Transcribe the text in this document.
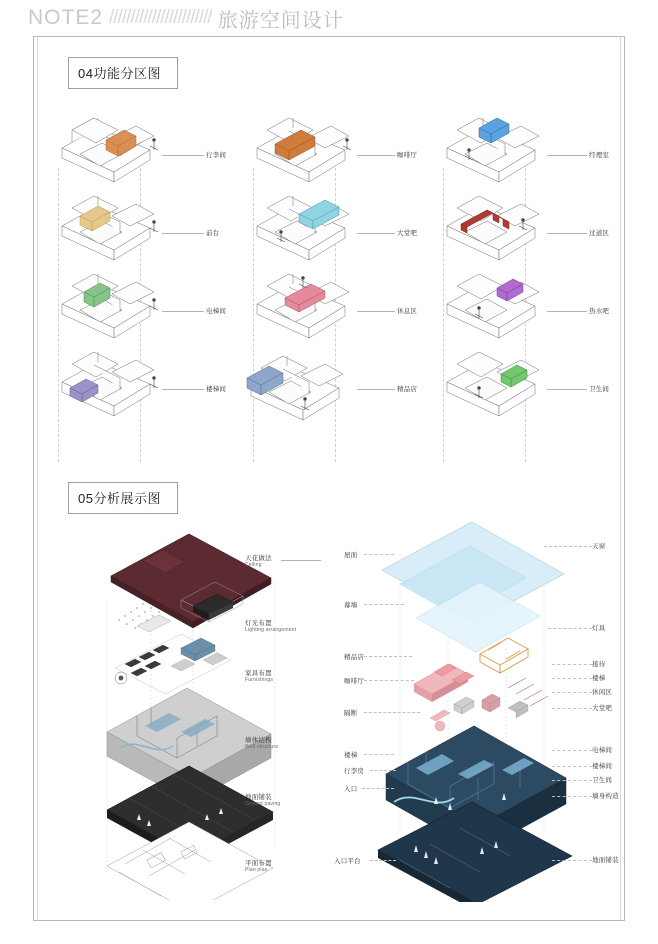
NOTE2 //////////////////////// 旅游空间设计
04功能分区图
行李间
前台
电梯间
楼梯间
咖啡厅
大堂吧
休息区
精品店
经理室
过道区
热水吧
卫生间
05分析展示图
天花做法
Ceiling
灯光布置
Lighting arrangement
家具布置
Furnishings
墙体结构
Wall structure
地面铺装
Ground paving
平面布置
Plan plan
屋面
幕墙
精品店
咖啡厅
隔断
楼梯
行李房
入口
入口平台
天窗
灯具
接待
楼梯
休闲区
大堂吧
电梯间
楼梯间
卫生间
墙身构造
地面铺装
